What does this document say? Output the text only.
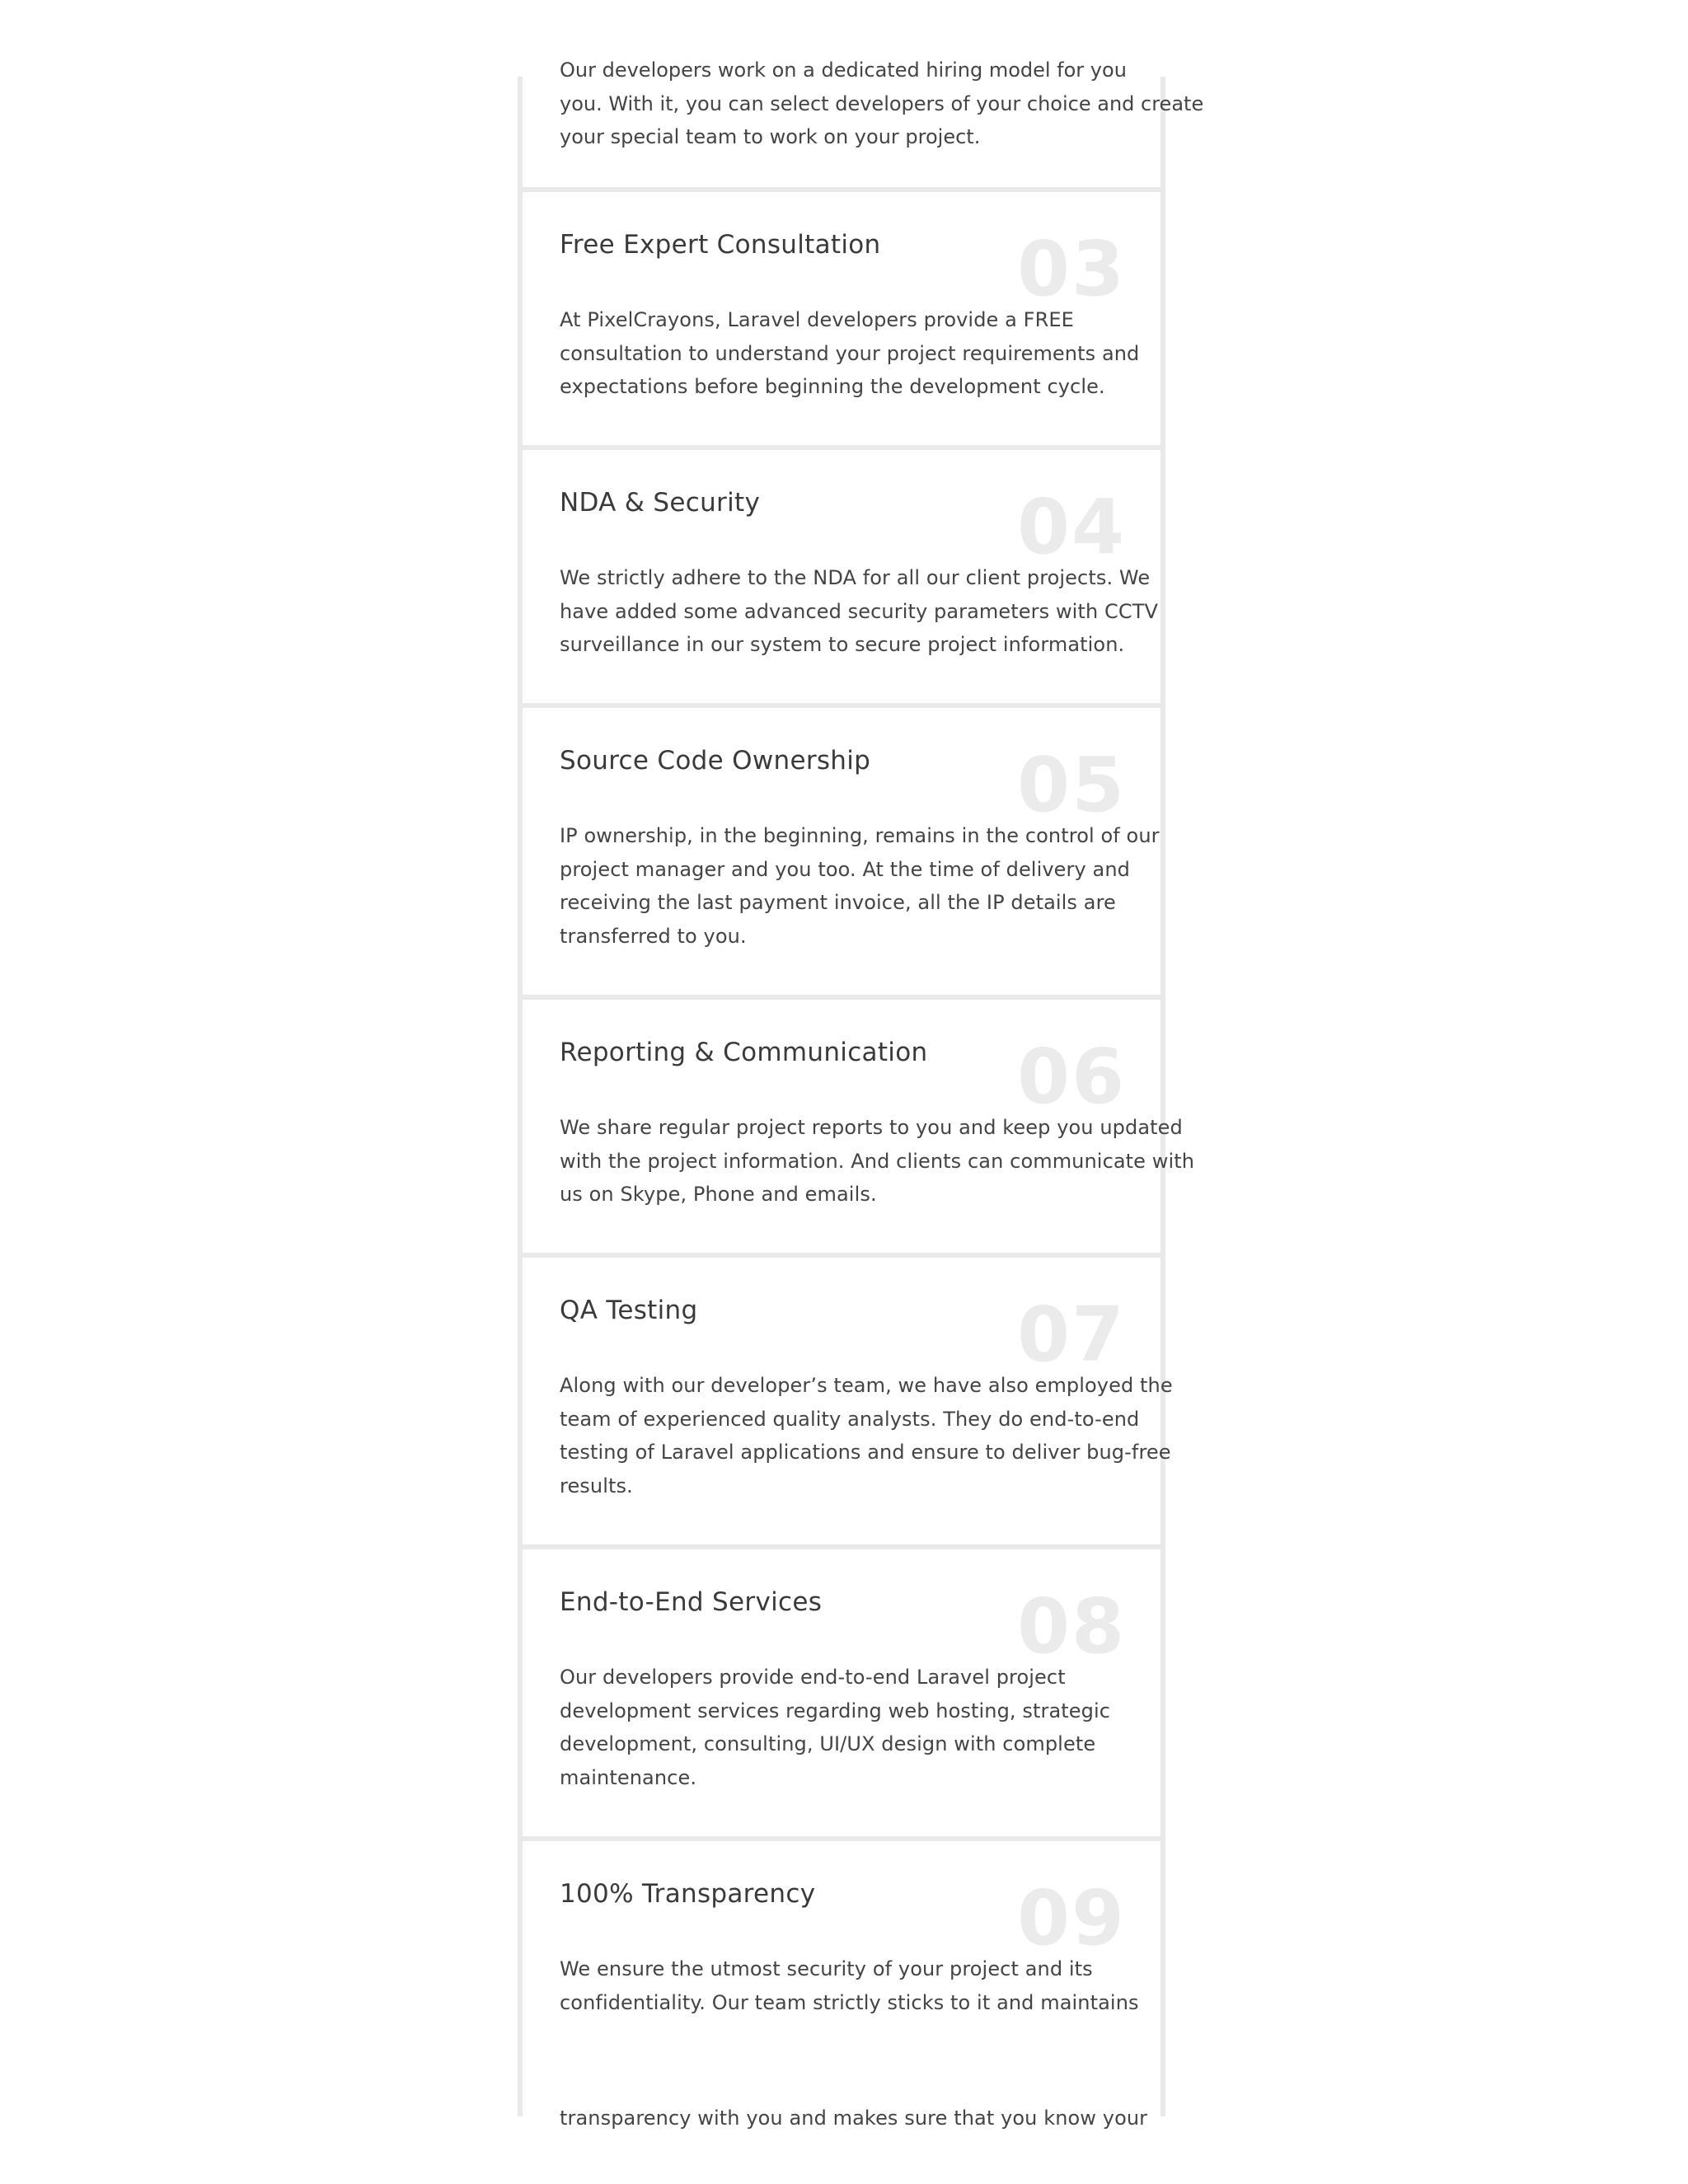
Our developers work on a dedicated hiring model for you
you. With it, you can select developers of your choice and create
your special team to work on your project.

Free Expert Consultation 03

At PixelCrayons, Laravel developers provide a FREE
consultation to understand your project requirements and
expectations before beginning the development cycle.

NDA & Security	04

We strictly adhere to the NDA for all our client projects. We
have added some advanced security parameters with CCTV
surveillance in our system to secure project information.

Source Code Ownership 05

IP ownership, in the beginning, remains in the control of our
project manager and you too. At the time of delivery and
receiving the last payment invoice, all the IP details are
transferred to you.

Reporting & Communication 06

We share regular project reports to you and keep you updated
with the project information. And clients can communicate with
us on Skype, Phone and emails.

QA Testing	07

Along with our developer’s team, we have also employed the
team of experienced quality analysts. They do end-to-end
testing of Laravel applications and ensure to deliver bug-free
results.

End-to-End Services	08

Our developers provide end-to-end Laravel project
development services regarding web hosting, strategic
development, consulting, UI/UX design with complete
maintenance.

100% Transparency	09

We ensure the utmost security of your project and its
confidentiality. Our team strictly sticks to it and maintains

transparency with you and makes sure that you know your
